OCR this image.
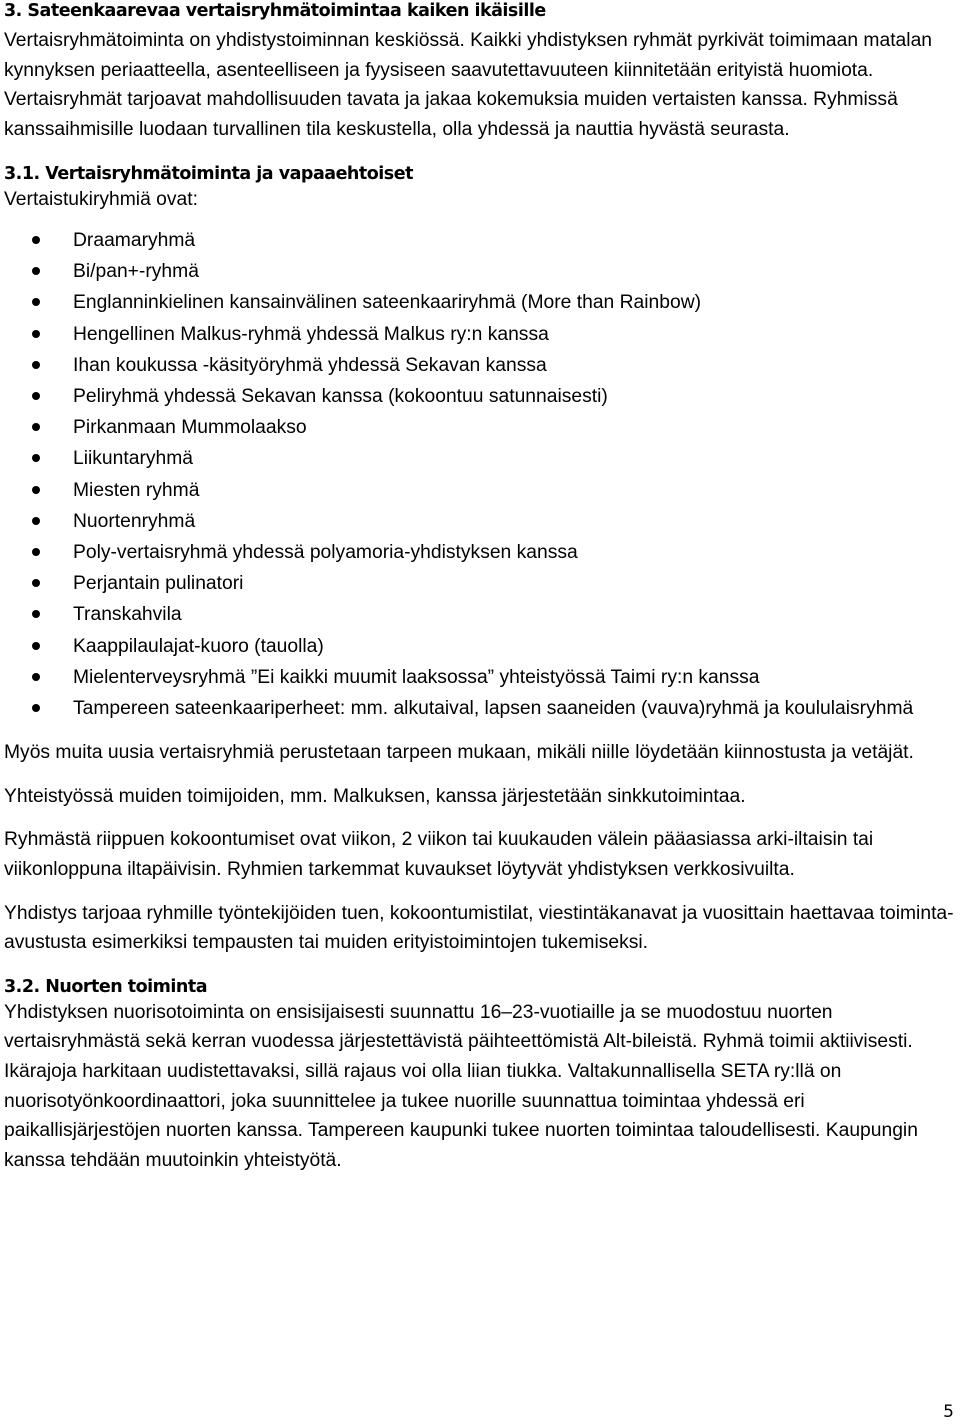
3. Sateenkaarevaa vertaisryhmätoimintaa kaiken ikäisille

Vertaisryhmätoiminta on yhdistystoiminnan keskiössä. Kaikki yhdistyksen ryhmät pyrkivät toimimaan matalan kynnyksen periaatteella, asenteelliseen ja fyysiseen saavutettavuuteen kiinnitetään erityistä huomiota. Vertaisryhmät tarjoavat mahdollisuuden tavata ja jakaa kokemuksia muiden vertaisten kanssa. Ryhmissä kanssaihmisille luodaan turvallinen tila keskustella, olla yhdessä ja nauttia hyvästä seurasta.

3.1. Vertaisryhmätoiminta ja vapaaehtoiset

Vertaistukiryhmiä ovat:

Draamaryhmä
Bi/pan+-ryhmä
Englanninkielinen kansainvälinen sateenkaariryhmä (More than Rainbow)
Hengellinen Malkus-ryhmä yhdessä Malkus ry:n kanssa
Ihan koukussa -käsityöryhmä yhdessä Sekavan kanssa
Peliryhmä yhdessä Sekavan kanssa (kokoontuu satunnaisesti)
Pirkanmaan Mummolaakso
Liikuntaryhmä
Miesten ryhmä
Nuortenryhmä
Poly-vertaisryhmä yhdessä polyamoria-yhdistyksen kanssa
Perjantain pulinatori
Transkahvila
Kaappilaulajat-kuoro (tauolla)
Mielenterveysryhmä ”Ei kaikki muumit laaksossa” yhteistyössä Taimi ry:n kanssa
Tampereen sateenkaariperheet: mm. alkutaival, lapsen saaneiden (vauva)ryhmä ja koululaisryhmä

Myös muita uusia vertaisryhmiä perustetaan tarpeen mukaan, mikäli niille löydetään kiinnostusta ja vetäjät.

Yhteistyössä muiden toimijoiden, mm. Malkuksen, kanssa järjestetään sinkkutoimintaa.

Ryhmästä riippuen kokoontumiset ovat viikon, 2 viikon tai kuukauden välein pääasiassa arki-iltaisin tai viikonloppuna iltapäivisin. Ryhmien tarkemmat kuvaukset löytyvät yhdistyksen verkkosivuilta.

Yhdistys tarjoaa ryhmille työntekijöiden tuen, kokoontumistilat, viestintäkanavat ja vuosittain haettavaa toiminta-avustusta esimerkiksi tempausten tai muiden erityistoimintojen tukemiseksi.

3.2. Nuorten toiminta

Yhdistyksen nuorisotoiminta on ensisijaisesti suunnattu 16–23-vuotiaille ja se muodostuu nuorten vertaisryhmästä sekä kerran vuodessa järjestettävistä päihteettömistä Alt-bileistä. Ryhmä toimii aktiivisesti. Ikärajoja harkitaan uudistettavaksi, sillä rajaus voi olla liian tiukka. Valtakunnallisella SETA ry:llä on nuorisotyönkoordinaattori, joka suunnittelee ja tukee nuorille suunnattua toimintaa yhdessä eri paikallisjärjestöjen nuorten kanssa. Tampereen kaupunki tukee nuorten toimintaa taloudellisesti. Kaupungin kanssa tehdään muutoinkin yhteistyötä.

5
